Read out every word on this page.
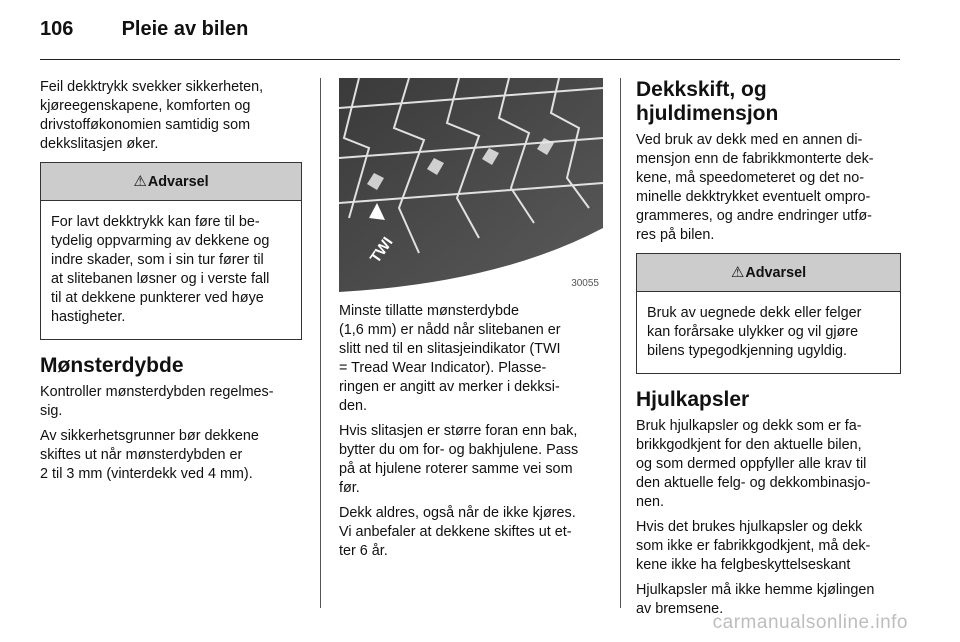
106 Pleie av bilen

Feil dekktrykk svekker sikkerheten,
kjøreegenskapene, komforten og
drivstofføkonomien samtidig som
dekkslitasjen øker.

⚠Advarsel
For lavt dekktrykk kan føre til be-
tydelig oppvarming av dekkene og
indre skader, som i sin tur fører til
at slitebanen løsner og i verste fall
til at dekkene punkterer ved høye
hastigheter.
Mønsterdybde

Kontroller mønsterdybden regelmes-
sig.

Av sikkerhetsgrunner bør dekkene
skiftes ut når mønsterdybden er
2 til 3 mm (vinterdekk ved 4 mm).

TWI
30055

Minste tillatte mønsterdybde
(1,6 mm) er nådd når slitebanen er
slitt ned til en slitasjeindikator (TWI
= Tread Wear Indicator). Plasse-
ringen er angitt av merker i dekksi-
den.

Hvis slitasjen er større foran enn bak,
bytter du om for- og bakhjulene. Pass
på at hjulene roterer samme vei som
før.

Dekk aldres, også når de ikke kjøres.
Vi anbefaler at dekkene skiftes ut et-
ter 6 år.

Dekkskift, og
hjuldimensjon

Ved bruk av dekk med en annen di-
mensjon enn de fabrikkmonterte dek-
kene, må speedometeret og det no-
minelle dekktrykket eventuelt ompro-
grammeres, og andre endringer utfø-
res på bilen.

⚠Advarsel
Bruk av uegnede dekk eller felger
kan forårsake ulykker og vil gjøre
bilens typegodkjenning ugyldig.
Hjulkapsler

Bruk hjulkapsler og dekk som er fa-
brikkgodkjent for den aktuelle bilen,
og som dermed oppfyller alle krav til
den aktuelle felg- og dekkombinasjo-
nen.

Hvis det brukes hjulkapsler og dekk
som ikke er fabrikkgodkjent, må dek-
kene ikke ha felgbeskyttelseskant

Hjulkapsler må ikke hemme kjølingen
av bremsene.

carmanualsonline.info
